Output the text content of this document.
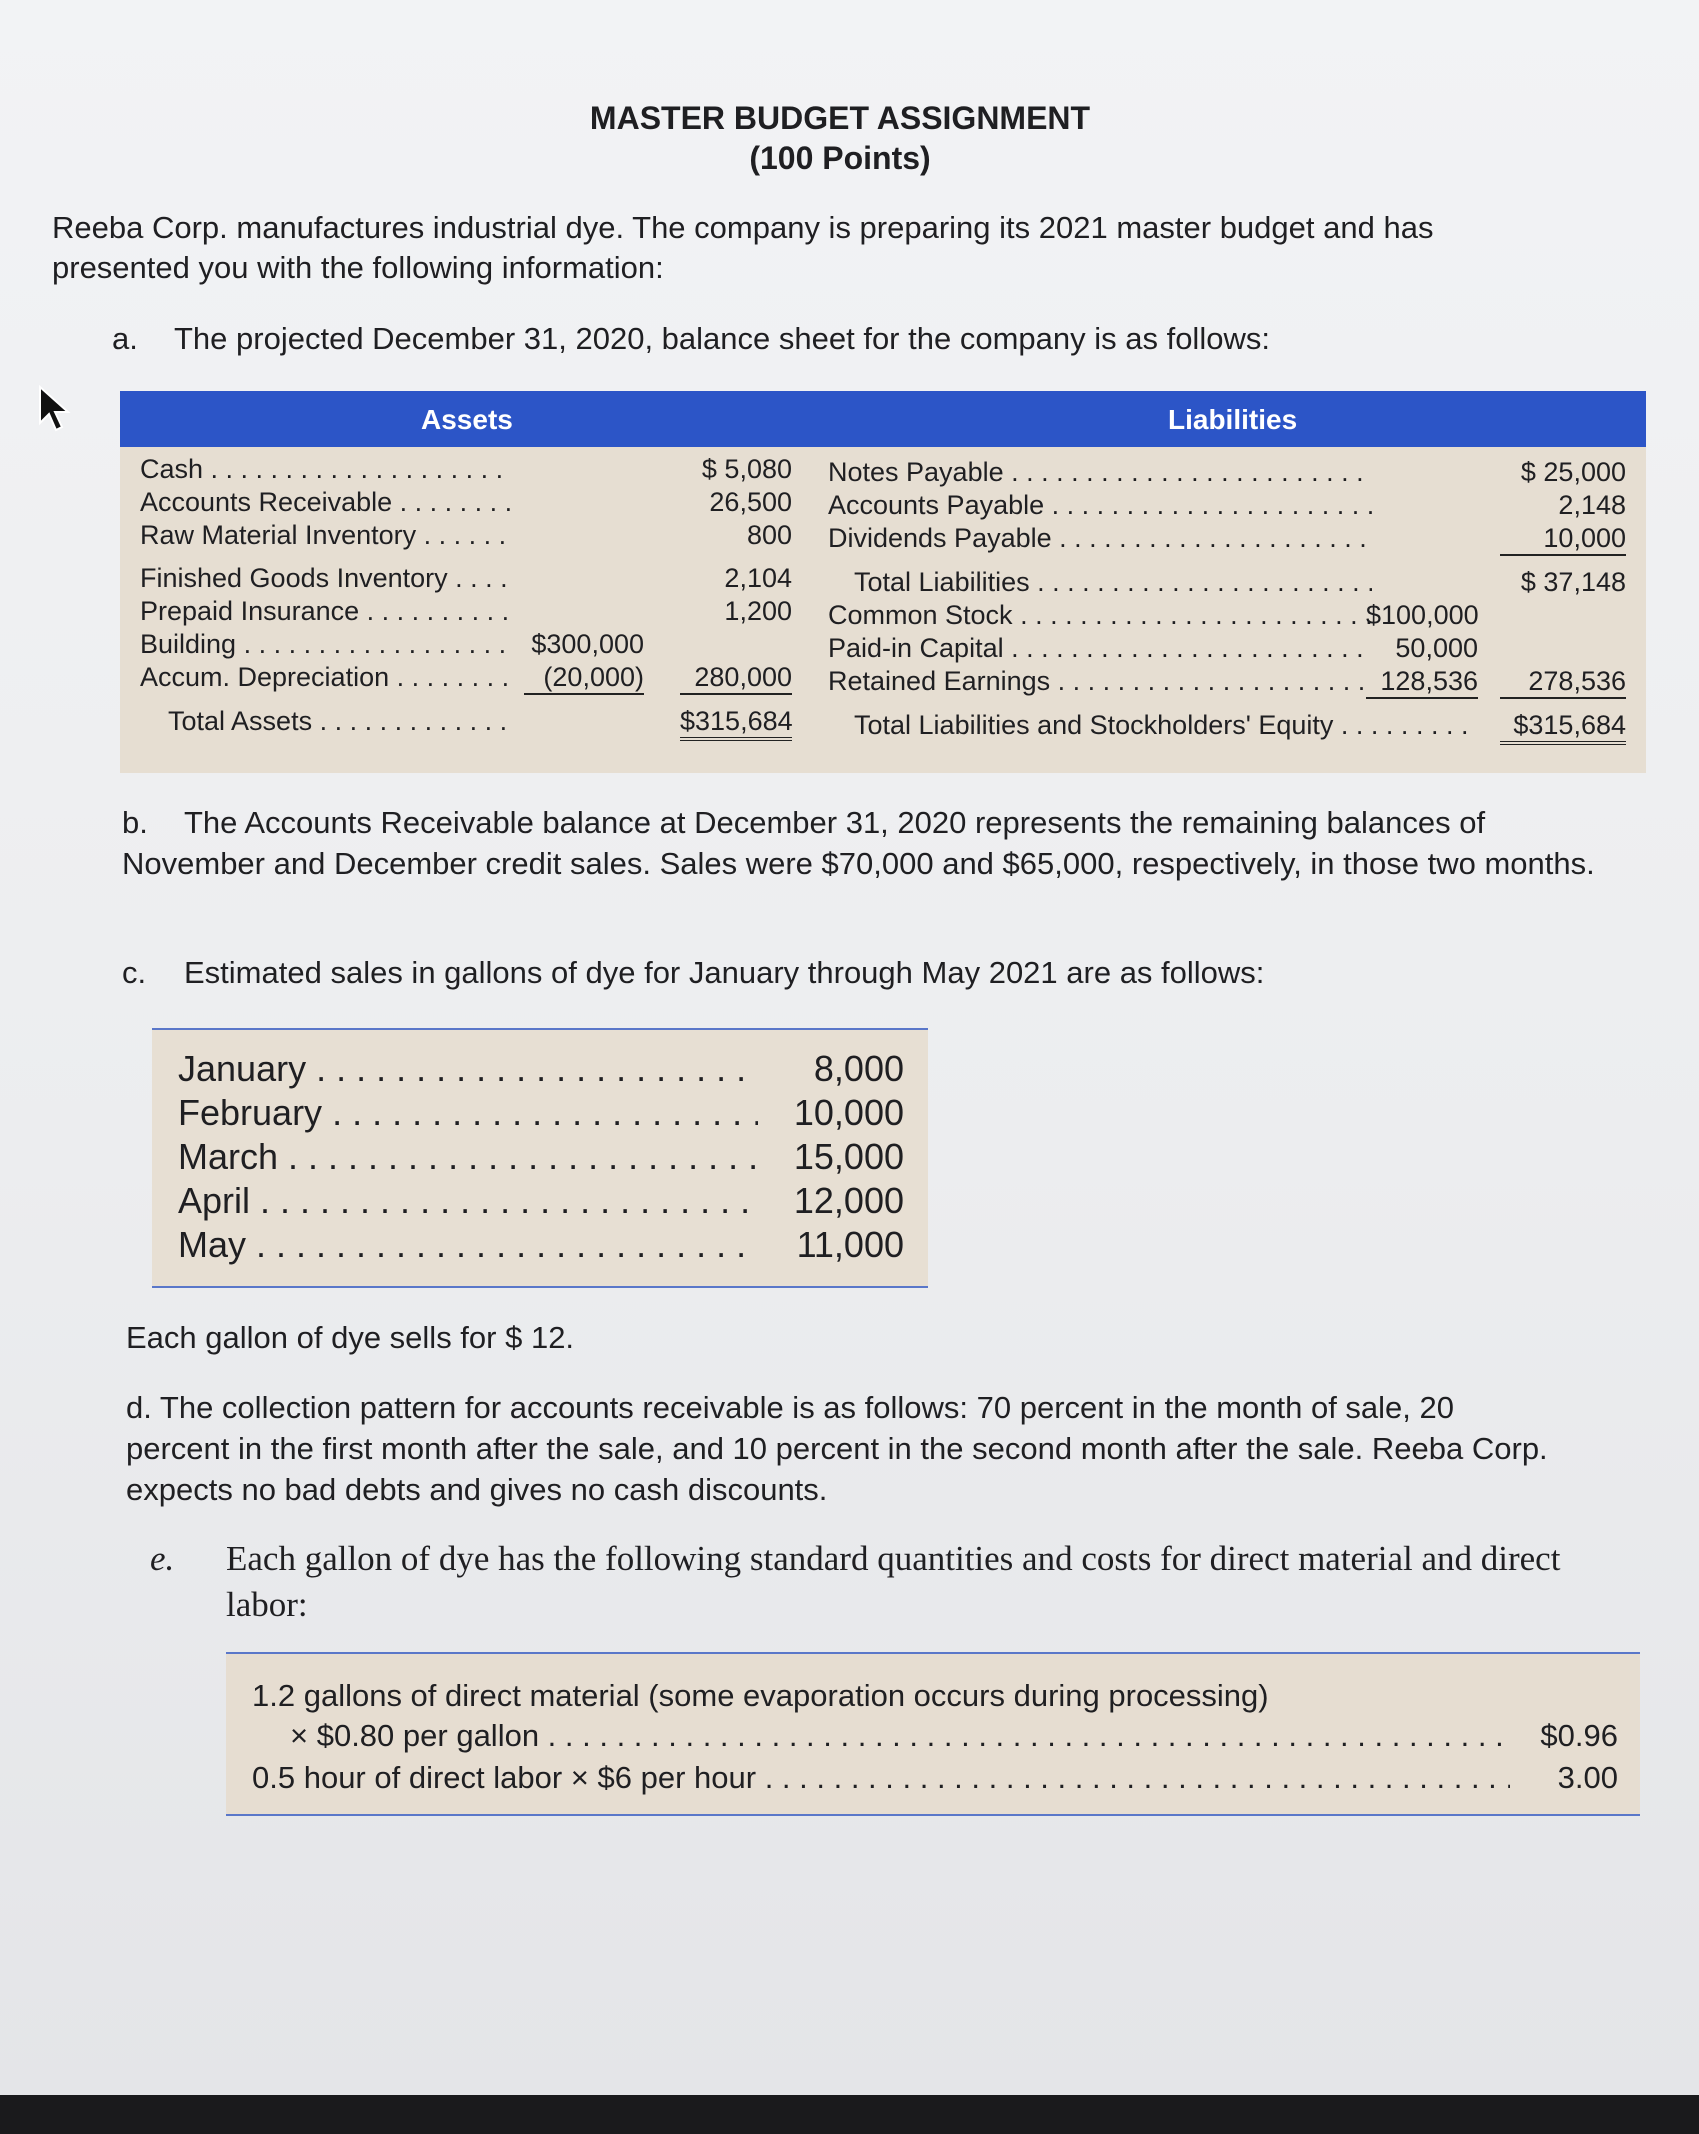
MASTER BUDGET ASSIGNMENT
(100 Points)
Reeba Corp. manufactures industrial dye. The company is preparing its 2021 master budget and has presented you with the following information:
a. The projected December 31, 2020, balance sheet for the company is as follows:
Assets	Liabilities
Cash . . .	$ 5,080
Accounts Receivable . . .	26,500
Raw Material Inventory . . .	800
Finished Goods Inventory . . .	2,104
Prepaid Insurance . . .	1,200
Building . . .	$300,000
Accum. Depreciation . . .	(20,000)	280,000
Total Assets . . .	$315,684
Notes Payable . . .	$ 25,000
Accounts Payable . . .	2,148
Dividends Payable . . .	10,000
Total Liabilities . . .	$ 37,148
Common Stock . . .	$100,000
Paid-in Capital . . .	50,000
Retained Earnings . . .	128,536	278,536
Total Liabilities and Stockholders' Equity . . .	$315,684
b.	The Accounts Receivable balance at December 31, 2020 represents the remaining balances of November and December credit sales. Sales were $70,000 and $65,000, respectively, in those two months.
c. Estimated sales in gallons of dye for January through May 2021 are as follows:
January . . .	8,000
February . . .	10,000
March . . .	15,000
April . . .	12,000
May . . .	11,000
Each gallon of dye sells for $ 12.
d. The collection pattern for accounts receivable is as follows: 70 percent in the month of sale, 20 percent in the first month after the sale, and 10 percent in the second month after the sale. Reeba Corp. expects no bad debts and gives no cash discounts.
e. Each gallon of dye has the following standard quantities and costs for direct material and direct labor:
1.2 gallons of direct material (some evaporation occurs during processing)
× $0.80 per gallon . . .	$0.96
0.5 hour of direct labor × $6 per hour . . .	3.00
